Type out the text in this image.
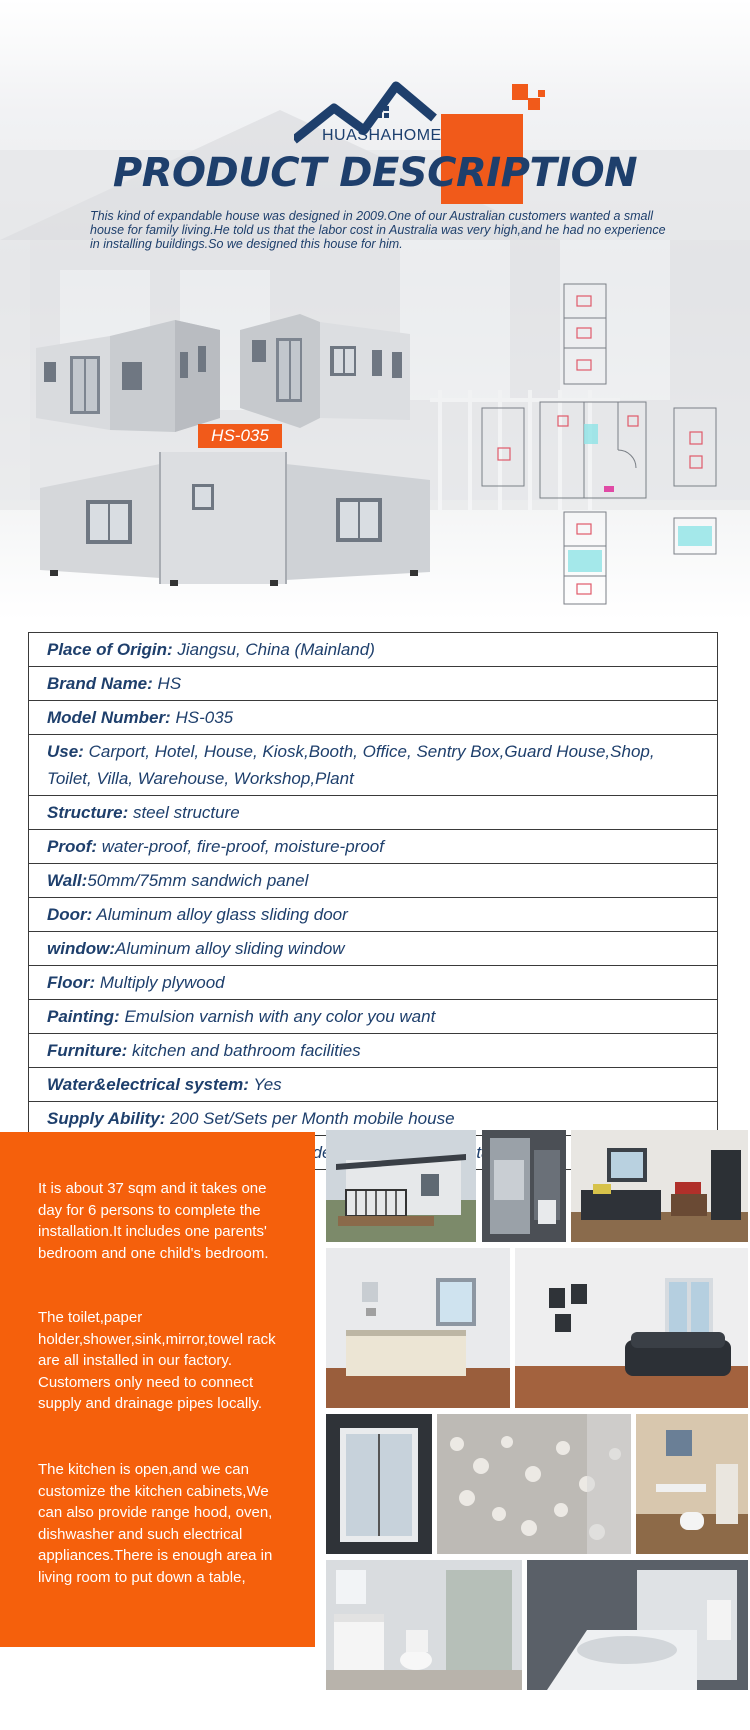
HUASHAHOME
PRODUCT DESCRIPTION

This kind of expandable house was designed in 2009.One of our Australian customers wanted a small house for family living.He told us that the labor cost in Australia was very high,and he had no experience in installing buildings.So we designed this house for him.

HS-035
Place of Origin: Jiangsu, China (Mainland)
Brand Name: HS
Model Number: HS-035
Use: Carport, Hotel, House, Kiosk,Booth, Office, Sentry Box,Guard House,Shop, Toilet, Villa, Warehouse, Workshop,Plant
Structure: steel structure
Proof: water-proof, fire-proof, moisture-proof
Wall:50mm/75mm sandwich panel
Door: Aluminum alloy glass sliding door
window:Aluminum alloy sliding window
Floor: Multiply plywood
Painting: Emulsion varnish with any color you want
Furniture: kitchen and bathroom facilities
Water&electrical system: Yes
Supply Ability: 200 Set/Sets per Month mobile house
loaded

It is about 37 sqm and it takes one day for 6 persons to complete the installation.It includes one parents' bedroom and one child's bedroom.

The toilet,paper holder,shower,sink,mirror,towel rack are all installed in our factory. Customers only need to connect supply and drainage pipes locally.

The kitchen is open,and we can customize the kitchen cabinets,We can also provide range hood, oven, dishwasher and such electrical appliances.There is enough area in living room to put down a table,
